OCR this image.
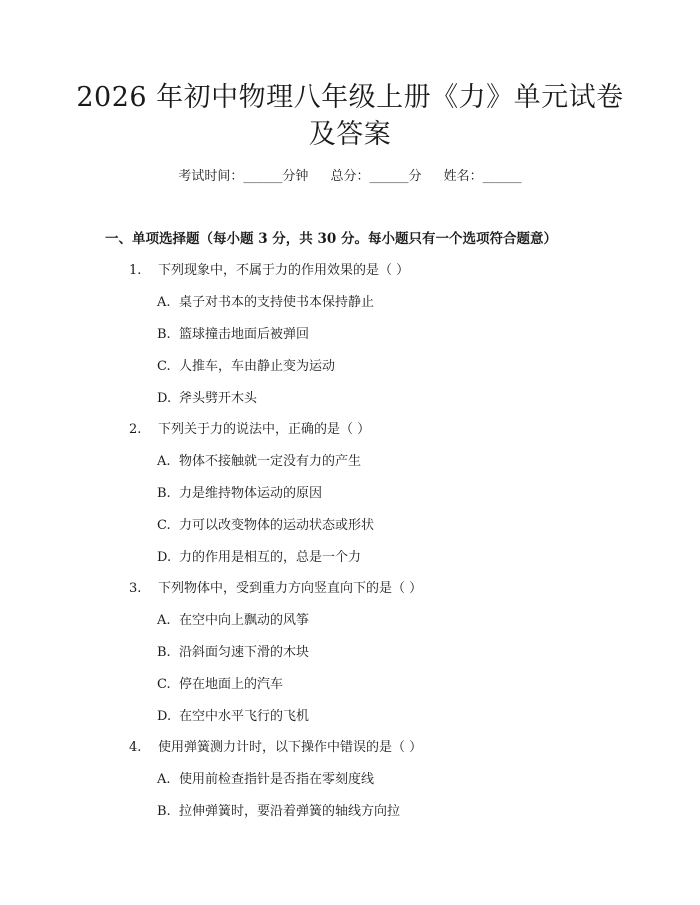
2026 年初中物理八年级上册《力》单元试卷
及答案
考试时间：______分钟 总分：______分 姓名：______
一、单项选择题（每小题 3 分，共 30 分。每小题只有一个选项符合题意）
1. 下列现象中，不属于力的作用效果的是（ ）
A. 桌子对书本的支持使书本保持静止
B. 篮球撞击地面后被弹回
C. 人推车，车由静止变为运动
D. 斧头劈开木头
2. 下列关于力的说法中，正确的是（ ）
A. 物体不接触就一定没有力的产生
B. 力是维持物体运动的原因
C. 力可以改变物体的运动状态或形状
D. 力的作用是相互的，总是一个力
3. 下列物体中，受到重力方向竖直向下的是（ ）
A. 在空中向上飘动的风筝
B. 沿斜面匀速下滑的木块
C. 停在地面上的汽车
D. 在空中水平飞行的飞机
4. 使用弹簧测力计时，以下操作中错误的是（ ）
A. 使用前检查指针是否指在零刻度线
B. 拉伸弹簧时，要沿着弹簧的轴线方向拉
